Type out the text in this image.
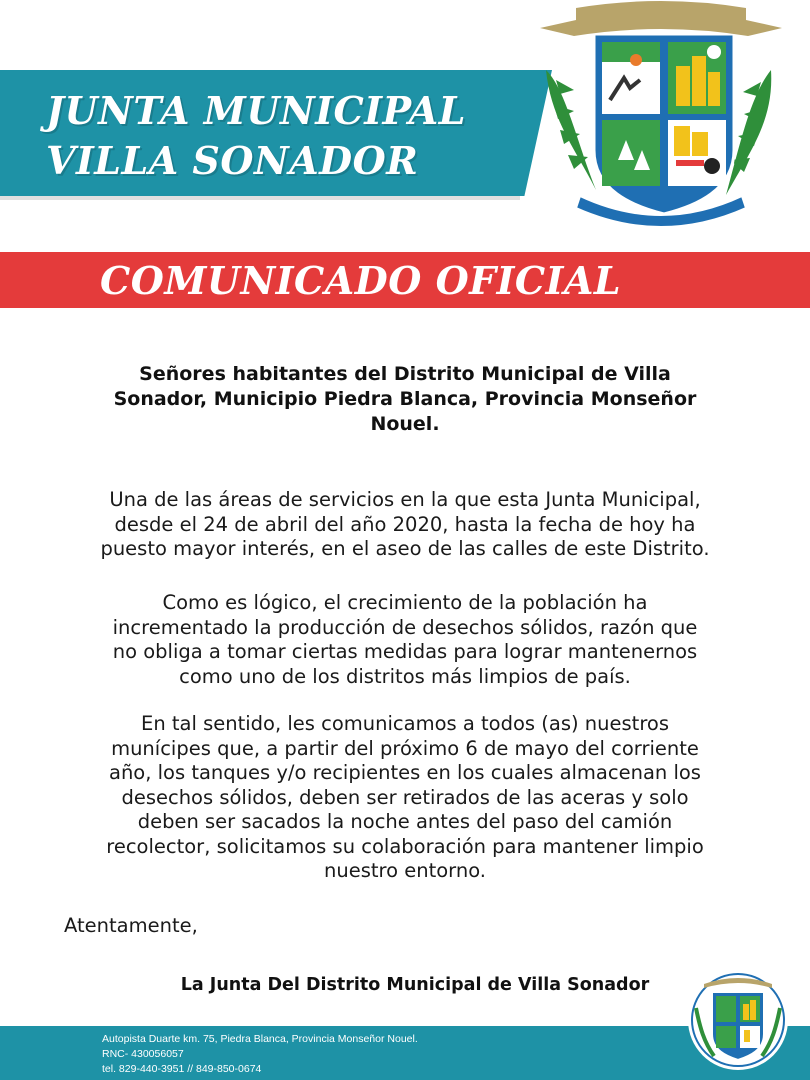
JUNTA MUNICIPAL
VILLA SONADOR
COMUNICADO OFICIAL

Señores habitantes del Distrito Municipal de Villa
Sonador, Municipio Piedra Blanca, Provincia Monseñor
Nouel.

Una de las áreas de servicios en la que esta Junta Municipal,
desde el 24 de abril del año 2020, hasta la fecha de hoy ha
puesto mayor interés, en el aseo de las calles de este Distrito.

Como es lógico, el crecimiento de la población ha
incrementado la producción de desechos sólidos, razón que
no obliga a tomar ciertas medidas para lograr mantenernos
como uno de los distritos más limpios de país.

En tal sentido, les comunicamos a todos (as) nuestros
munícipes que, a partir del próximo 6 de mayo del corriente
año, los tanques y/o recipientes en los cuales almacenan los
desechos sólidos, deben ser retirados de las aceras y solo
deben ser sacados la noche antes del paso del camión
recolector, solicitamos su colaboración para mantener limpio
nuestro entorno.

Atentamente,

La Junta Del Distrito Municipal de Villa Sonador

Autopista Duarte km. 75, Piedra Blanca, Provincia Monseñor Nouel.

RNC- 430056057

tel. 829-440-3951 // 849-850-0674
